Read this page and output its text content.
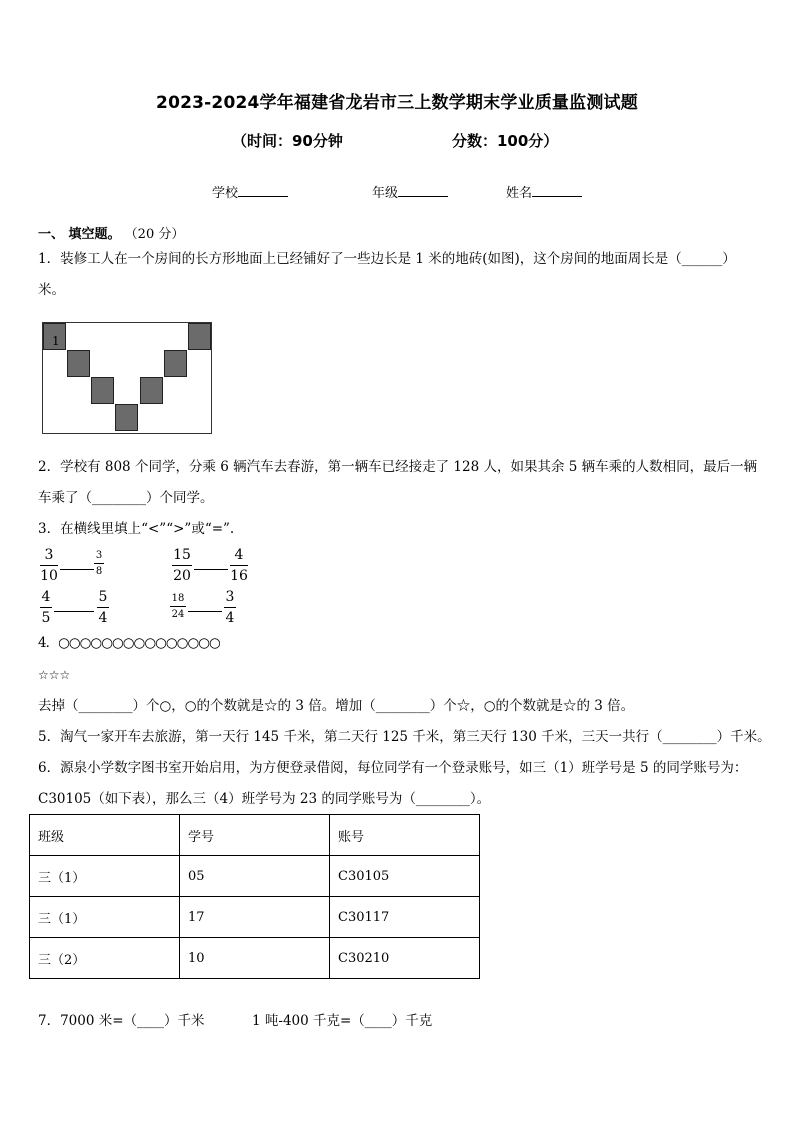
2023-2024学年福建省龙岩市三上数学期末学业质量监测试题
（时间：90分钟	分数：100分）
学校	年级	姓名
一、 填空题。 （20 分）
1．装修工人在一个房间的长方形地面上已经铺好了一些边长是 1 米的地砖(如图)，这个房间的地面周长是（______）
米。
1
2．学校有 808 个同学，分乘 6 辆汽车去春游，第一辆车已经接走了 128 人，如果其余 5 辆车乘的人数相同，最后一辆
车乘了（________）个同学。
3．在横线里填上“<”“>”或“=”.
3
10
3
8
15
20
4
16
4
5
5
4
18
24
3
4
4．○○○○○○○○○○○○○○○
☆☆☆
去掉（________）个○，○的个数就是☆的 3 倍。增加（________）个☆，○的个数就是☆的 3 倍。
5．淘气一家开车去旅游，第一天行 145 千米，第二天行 125 千米，第三天行 130 千米，三天一共行（________）千米。
6．源泉小学数字图书室开始启用，为方便登录借阅，每位同学有一个登录账号，如三（1）班学号是 5 的同学账号为：
C30105（如下表），那么三（4）班学号为 23 的同学账号为（________）。
班级	学号	账号
三（1）	05	C30105
三（1）	17	C30117
三（2）	10	C30210
7．7000 米=（____）千米	1 吨-400 千克=（____）千克
